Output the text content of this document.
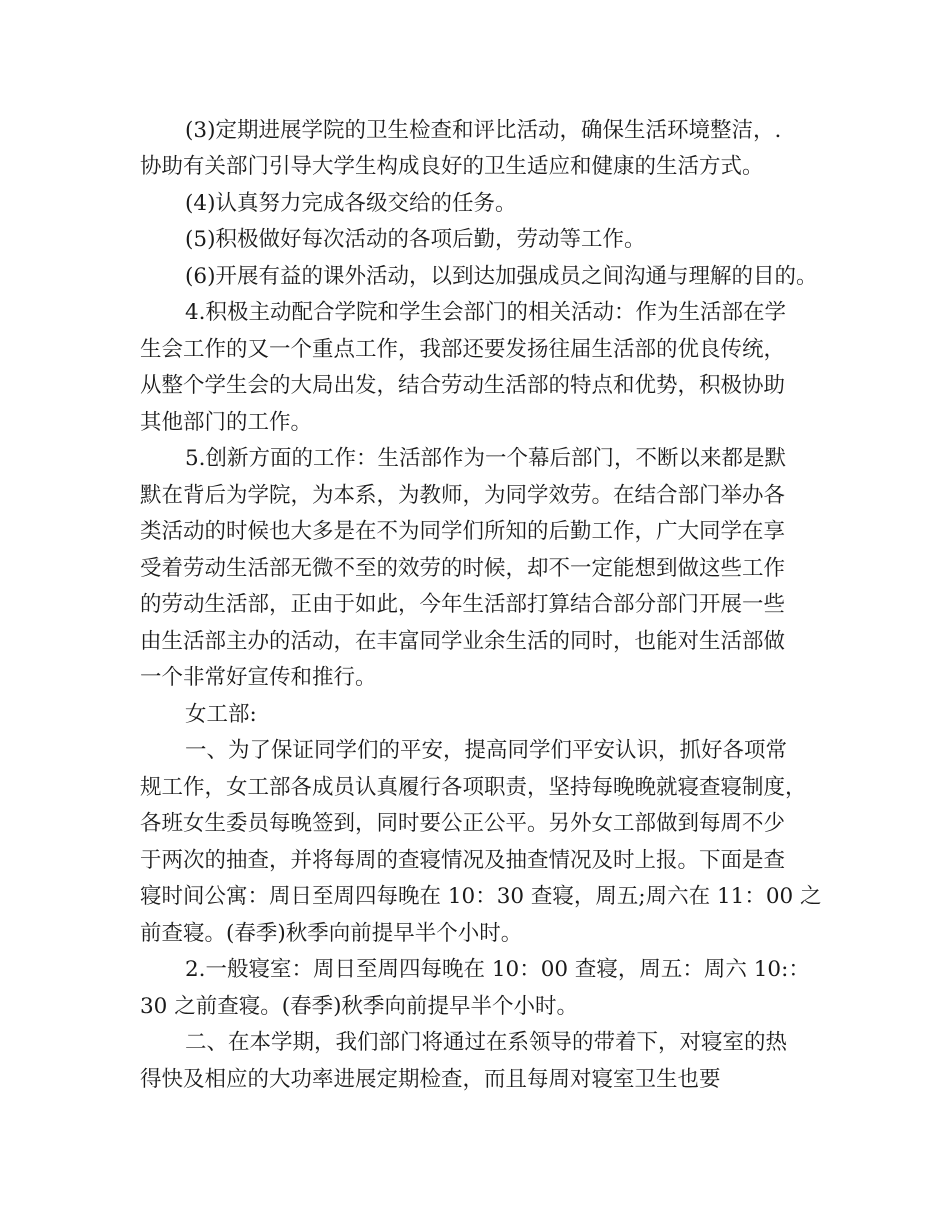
(3)定期进展学院的卫生检查和评比活动，确保生活环境整洁，.
协助有关部门引导大学生构成良好的卫生适应和健康的生活方式。
(4)认真努力完成各级交给的任务。
(5)积极做好每次活动的各项后勤，劳动等工作。
(6)开展有益的课外活动，以到达加强成员之间沟通与理解的目的。
4.积极主动配合学院和学生会部门的相关活动：作为生活部在学
生会工作的又一个重点工作，我部还要发扬往届生活部的优良传统，
从整个学生会的大局出发，结合劳动生活部的特点和优势，积极协助
其他部门的工作。
5.创新方面的工作：生活部作为一个幕后部门，不断以来都是默
默在背后为学院，为本系，为教师，为同学效劳。在结合部门举办各
类活动的时候也大多是在不为同学们所知的后勤工作，广大同学在享
受着劳动生活部无微不至的效劳的时候，却不一定能想到做这些工作
的劳动生活部，正由于如此，今年生活部打算结合部分部门开展一些
由生活部主办的活动，在丰富同学业余生活的同时，也能对生活部做
一个非常好宣传和推行。
女工部:
一、为了保证同学们的平安，提高同学们平安认识，抓好各项常
规工作，女工部各成员认真履行各项职责，坚持每晚晚就寝查寝制度，
各班女生委员每晚签到，同时要公正公平。另外女工部做到每周不少
于两次的抽查，并将每周的查寝情况及抽查情况及时上报。下面是查
寝时间公寓：周日至周四每晚在 10：30 查寝，周五;周六在 11：00 之
前查寝。(春季)秋季向前提早半个小时。
2.一般寝室：周日至周四每晚在 10：00 查寝，周五：周六 10:：
30 之前查寝。(春季)秋季向前提早半个小时。
二、在本学期，我们部门将通过在系领导的带着下，对寝室的热
得快及相应的大功率进展定期检查，而且每周对寝室卫生也要
